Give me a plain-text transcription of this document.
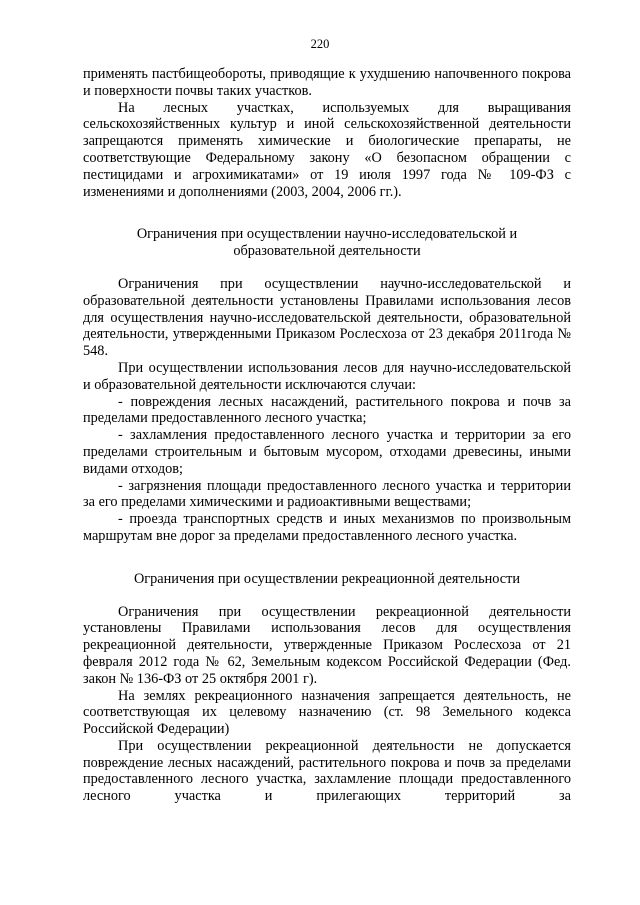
220

применять пастбищеобороты, приводящие к ухудшению напочвенного покрова и поверхности почвы таких участков.

На лесных участках, используемых для выращивания сельскохозяйственных культур и иной сельскохозяйственной деятельности запрещаются применять химические и биологические препараты, не соответствующие Федеральному закону «О безопасном обращении с пестицидами и агрохимикатами» от 19 июля 1997 года № 109-ФЗ с изменениями и дополнениями (2003, 2004, 2006 гг.).

Ограничения при осуществлении научно-исследовательской и
образовательной деятельности

Ограничения при осуществлении научно-исследовательской и образовательной деятельности установлены Правилами использования лесов для осуществления научно-исследовательской деятельности, образовательной деятельности, утвержденными Приказом Рослесхоза от 23 декабря 2011года № 548.

При осуществлении использования лесов для научно-исследовательской и образовательной деятельности исключаются случаи:

- повреждения лесных насаждений, растительного покрова и почв за пределами предоставленного лесного участка;

- захламления предоставленного лесного участка и территории за его пределами строительным и бытовым мусором, отходами древесины, иными видами отходов;

- загрязнения площади предоставленного лесного участка и территории за его пределами химическими и радиоактивными веществами;

- проезда транспортных средств и иных механизмов по произвольным маршрутам вне дорог за пределами предоставленного лесного участка.

Ограничения при осуществлении рекреационной деятельности

Ограничения при осуществлении рекреационной деятельности установлены Правилами использования лесов для осуществления рекреационной деятельности, утвержденные Приказом Рослесхоза от 21 февраля 2012 года № 62, Земельным кодексом Российской Федерации (Фед. закон № 136-ФЗ от 25 октября 2001 г).

На землях рекреационного назначения запрещается деятельность, не соответствующая их целевому назначению (ст. 98 Земельного кодекса Российской Федерации)

При осуществлении рекреационной деятельности не допускается повреждение лесных насаждений, растительного покрова и почв за пределами предоставленного лесного участка, захламление площади предоставленного лесного участка и прилегающих территорий за
